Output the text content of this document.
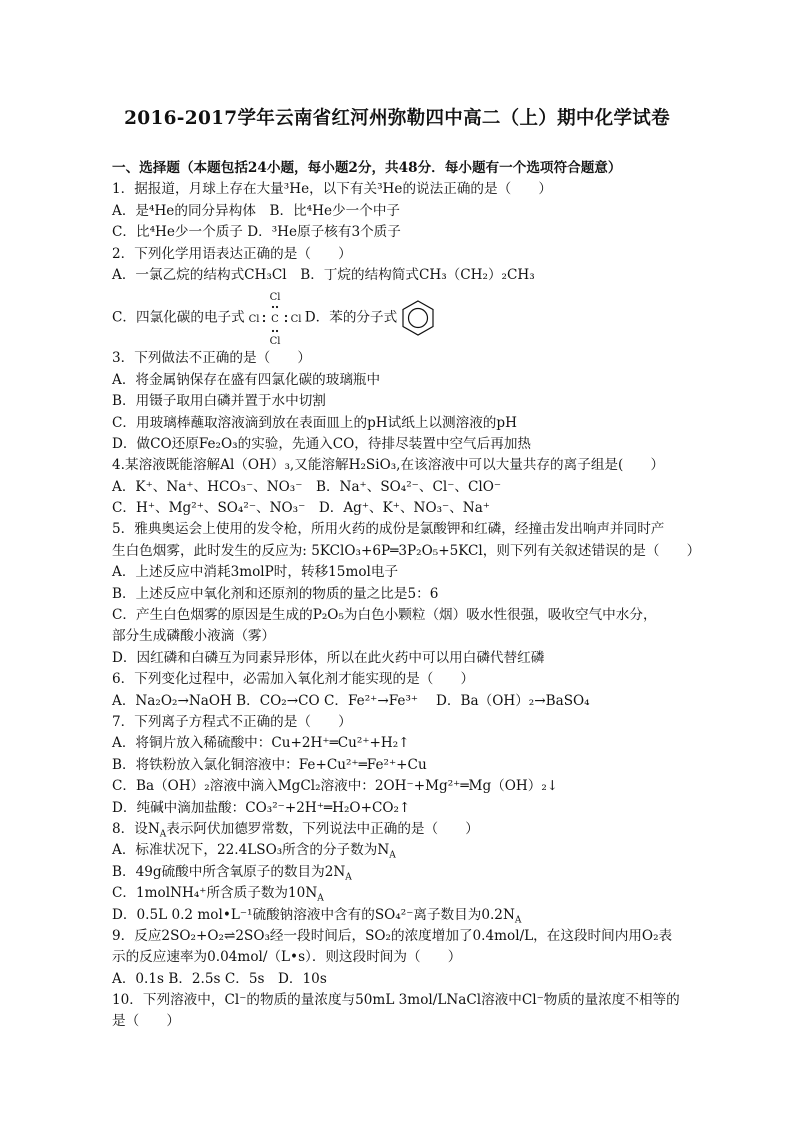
2016-2017学年云南省红河州弥勒四中高二（上）期中化学试卷
一、选择题（本题包括24小题，每小题2分，共48分．每小题有一个选项符合题意）
1．据报道，月球上存在大量³He，以下有关³He的说法正确的是（　　）
A．是⁴He的同分异构体　B．比⁴He少一个中子
C．比⁴He少一个质子 D．³He原子核有3个质子
2．下列化学用语表达正确的是（　　）
A．一氯乙烷的结构式CH₃Cl　B．丁烷的结构简式CH₃（CH₂）₂CH₃
C．四氯化碳的电子式
Cl
Cl C Cl
Cl
D．苯的分子式
3．下列做法不正确的是（　　）
A．将金属钠保存在盛有四氯化碳的玻璃瓶中
B．用镊子取用白磷并置于水中切割
C．用玻璃棒蘸取溶液滴到放在表面皿上的pH试纸上以测溶液的pH
D．做CO还原Fe₂O₃的实验，先通入CO，待排尽装置中空气后再加热
4.某溶液既能溶解Al（OH）₃,又能溶解H₂SiO₃,在该溶液中可以大量共存的离子组是(　　）
A．K⁺、Na⁺、HCO₃⁻、NO₃⁻　B．Na⁺、SO₄²⁻、Cl⁻、ClO⁻
C．H⁺、Mg²⁺、SO₄²⁻、NO₃⁻　D．Ag⁺、K⁺、NO₃⁻、Na⁺
5．雅典奥运会上使用的发令枪，所用火药的成份是氯酸钾和红磷，经撞击发出响声并同时产
生白色烟雾，此时发生的反应为: 5KClO₃+6P═3P₂O₅+5KCl，则下列有关叙述错误的是（　　）
A．上述反应中消耗3molP时，转移15mol电子
B．上述反应中氧化剂和还原剂的物质的量之比是5：6
C．产生白色烟雾的原因是生成的P₂O₅为白色小颗粒（烟）吸水性很强，吸收空气中水分，
部分生成磷酸小液滴（雾）
D．因红磷和白磷互为同素异形体，所以在此火药中可以用白磷代替红磷
6．下列变化过程中，必需加入氧化剂才能实现的是（　　）
A．Na₂O₂→NaOH B．CO₂→CO C．Fe²⁺→Fe³⁺　 D．Ba（OH）₂→BaSO₄
7．下列离子方程式不正确的是（　　）
A．将铜片放入稀硫酸中：Cu+2H⁺═Cu²⁺+H₂↑
B．将铁粉放入氯化铜溶液中：Fe+Cu²⁺═Fe²⁺+Cu
C．Ba（OH）₂溶液中滴入MgCl₂溶液中：2OH⁻+Mg²⁺═Mg（OH）₂↓
D．纯碱中滴加盐酸：CO₃²⁻+2H⁺═H₂O+CO₂↑
8．设$N_A$表示阿伏加德罗常数，下列说法中正确的是（　　）
A．标准状况下，22.4LSO₃所含的分子数为$N_A$
B．49g硫酸中所含氧原子的数目为$2N_A$
C．1molNH₄⁺所含质子数为$10N_A$
D．0.5L 0.2 mol•L⁻¹硫酸钠溶液中含有的SO₄²⁻离子数目为$0.2N_A$
9．反应2SO₂+O₂⇌2SO₃经一段时间后，SO₂的浓度增加了0.4mol/L，在这段时间内用O₂表
示的反应速率为0.04mol/（L•s）．则这段时间为（　　）
A．0.1s B．2.5s C．5s　D．10s
10．下列溶液中，Cl⁻的物质的量浓度与50mL 3mol/LNaCl溶液中Cl⁻物质的量浓度不相等的
是（　　）
